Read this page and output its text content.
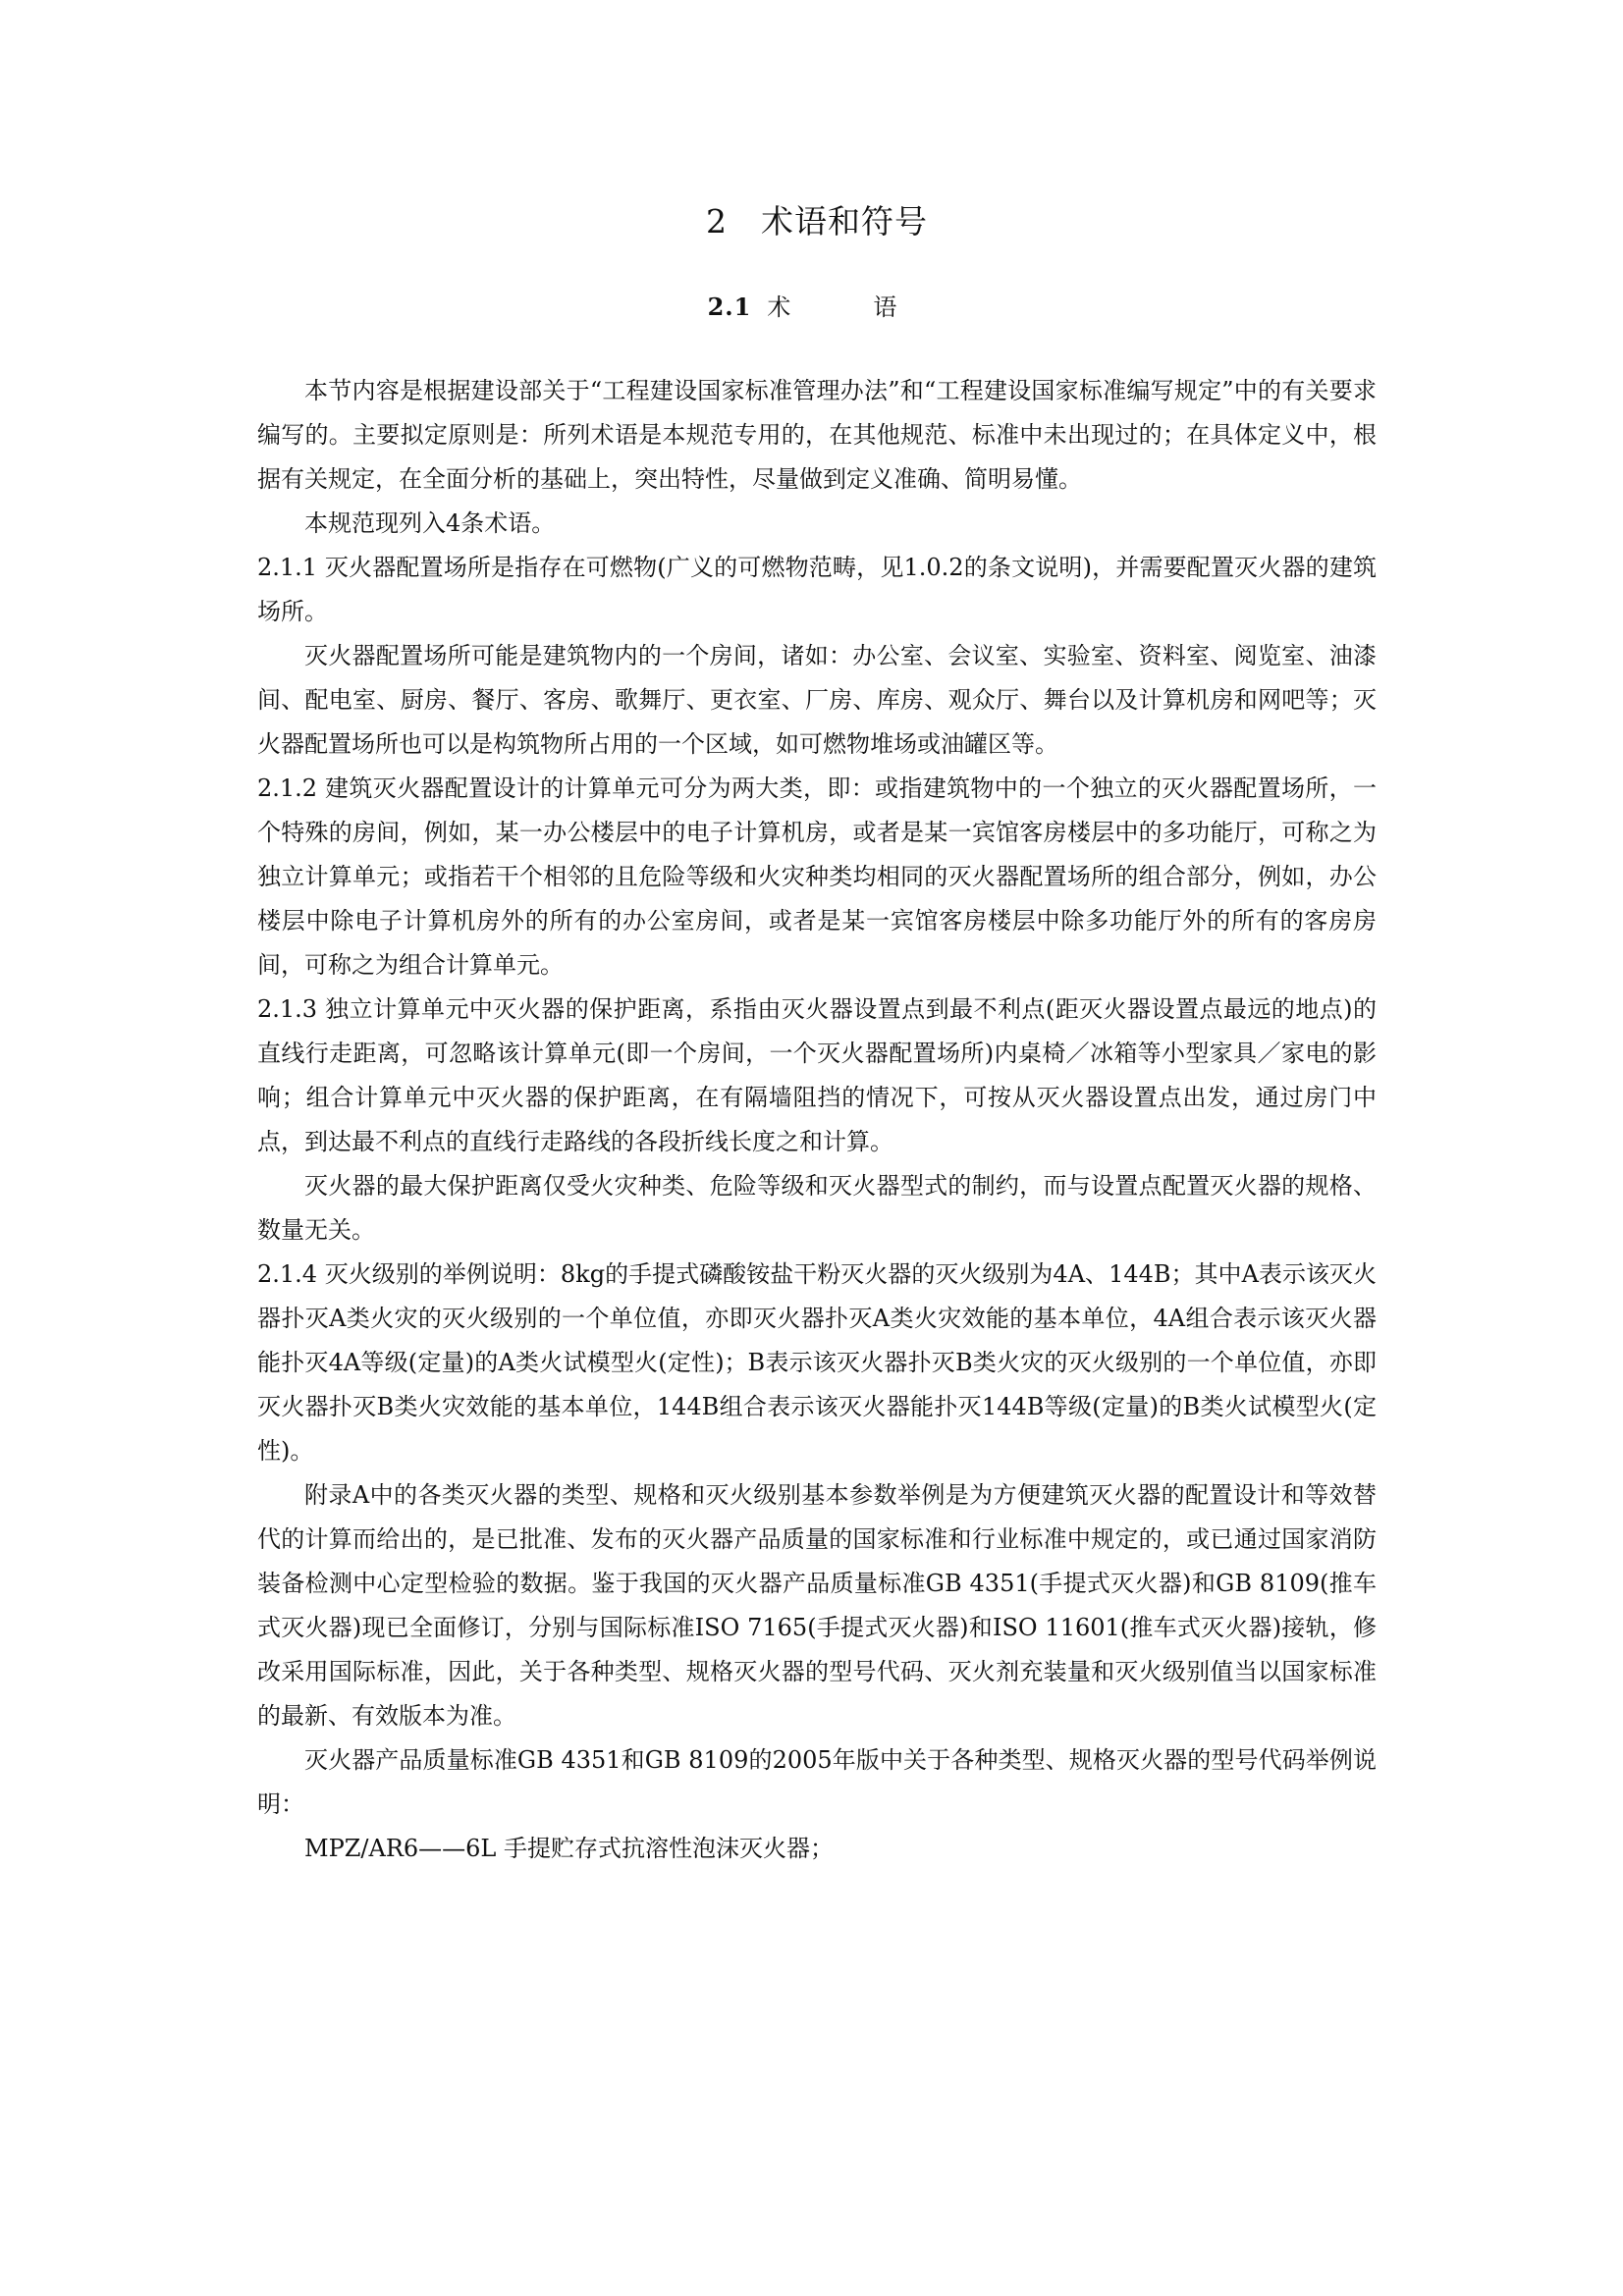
2　术语和符号
2.1 术　语

本节内容是根据建设部关于“工程建设国家标准管理办法”和“工程建设国家标准编写规定”中的有关要求编写的。主要拟定原则是：所列术语是本规范专用的，在其他规范、标准中未出现过的；在具体定义中，根据有关规定，在全面分析的基础上，突出特性，尽量做到定义准确、简明易懂。

本规范现列入4条术语。

2.1.1 灭火器配置场所是指存在可燃物(广义的可燃物范畴，见1.0.2的条文说明)，并需要配置灭火器的建筑场所。

灭火器配置场所可能是建筑物内的一个房间，诸如：办公室、会议室、实验室、资料室、阅览室、油漆间、配电室、厨房、餐厅、客房、歌舞厅、更衣室、厂房、库房、观众厅、舞台以及计算机房和网吧等；灭火器配置场所也可以是构筑物所占用的一个区域，如可燃物堆场或油罐区等。

2.1.2 建筑灭火器配置设计的计算单元可分为两大类，即：或指建筑物中的一个独立的灭火器配置场所，一个特殊的房间，例如，某一办公楼层中的电子计算机房，或者是某一宾馆客房楼层中的多功能厅，可称之为独立计算单元；或指若干个相邻的且危险等级和火灾种类均相同的灭火器配置场所的组合部分，例如，办公楼层中除电子计算机房外的所有的办公室房间，或者是某一宾馆客房楼层中除多功能厅外的所有的客房房间，可称之为组合计算单元。

2.1.3 独立计算单元中灭火器的保护距离，系指由灭火器设置点到最不利点(距灭火器设置点最远的地点)的直线行走距离，可忽略该计算单元(即一个房间，一个灭火器配置场所)内桌椅／冰箱等小型家具／家电的影响；组合计算单元中灭火器的保护距离，在有隔墙阻挡的情况下，可按从灭火器设置点出发，通过房门中点，到达最不利点的直线行走路线的各段折线长度之和计算。

灭火器的最大保护距离仅受火灾种类、危险等级和灭火器型式的制约，而与设置点配置灭火器的规格、数量无关。

2.1.4 灭火级别的举例说明：8kg的手提式磷酸铵盐干粉灭火器的灭火级别为4A、144B；其中A表示该灭火器扑灭A类火灾的灭火级别的一个单位值，亦即灭火器扑灭A类火灾效能的基本单位，4A组合表示该灭火器能扑灭4A等级(定量)的A类火试模型火(定性)；B表示该灭火器扑灭B类火灾的灭火级别的一个单位值，亦即灭火器扑灭B类火灾效能的基本单位，144B组合表示该灭火器能扑灭144B等级(定量)的B类火试模型火(定性)。

附录A中的各类灭火器的类型、规格和灭火级别基本参数举例是为方便建筑灭火器的配置设计和等效替代的计算而给出的，是已批准、发布的灭火器产品质量的国家标准和行业标准中规定的，或已通过国家消防装备检测中心定型检验的数据。鉴于我国的灭火器产品质量标准GB 4351(手提式灭火器)和GB 8109(推车式灭火器)现已全面修订，分别与国际标准ISO 7165(手提式灭火器)和ISO 11601(推车式灭火器)接轨，修改采用国际标准，因此，关于各种类型、规格灭火器的型号代码、灭火剂充装量和灭火级别值当以国家标准的最新、有效版本为准。

灭火器产品质量标准GB 4351和GB 8109的2005年版中关于各种类型、规格灭火器的型号代码举例说明：

MPZ/AR6——6L 手提贮存式抗溶性泡沫灭火器；
